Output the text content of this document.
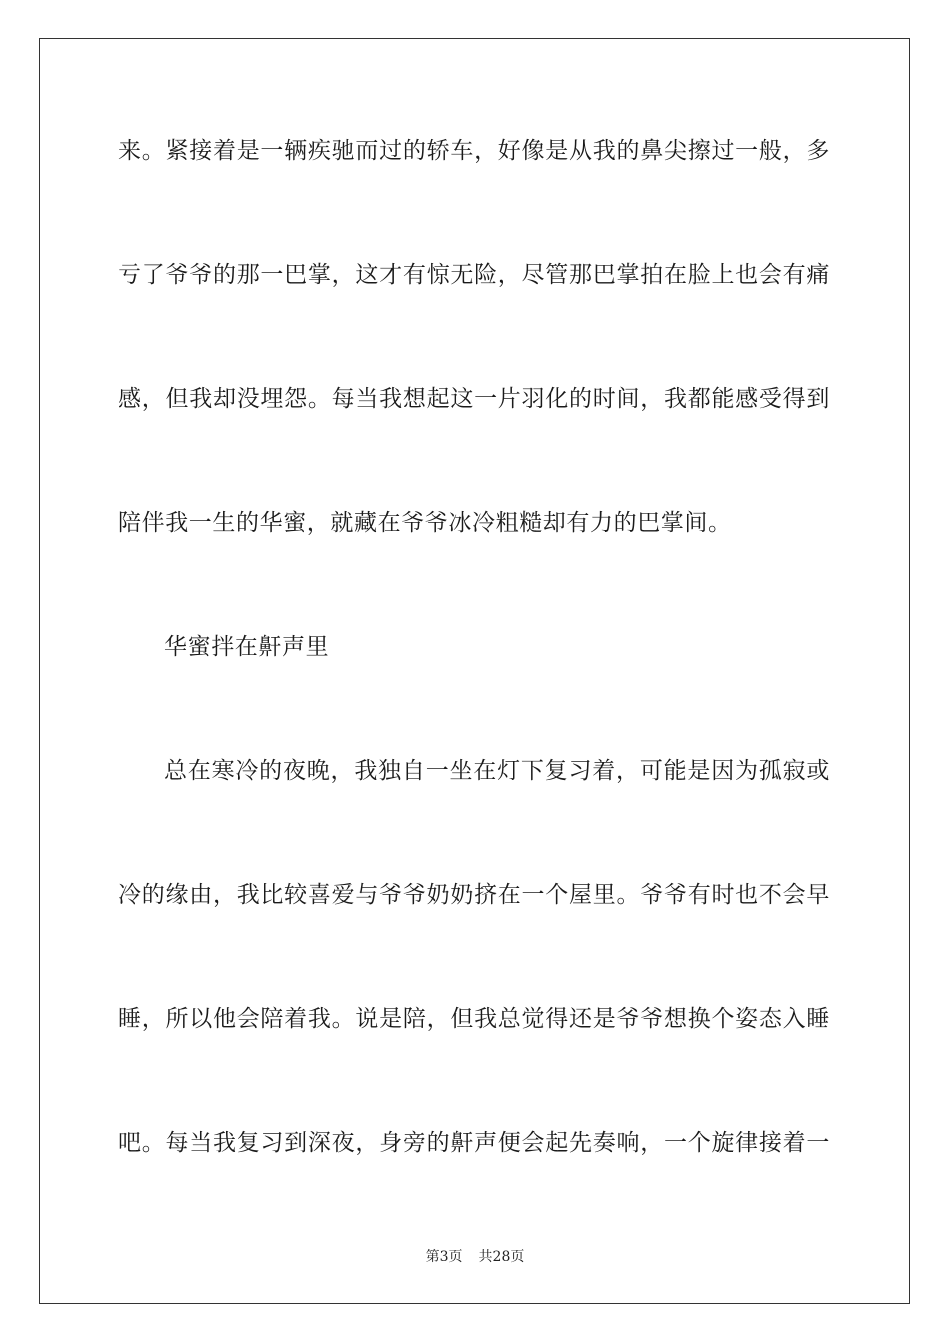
来。紧接着是一辆疾驰而过的轿车，好像是从我的鼻尖擦过一般，多
亏了爷爷的那一巴掌，这才有惊无险，尽管那巴掌拍在脸上也会有痛
感，但我却没埋怨。每当我想起这一片羽化的时间，我都能感受得到
陪伴我一生的华蜜，就藏在爷爷冰冷粗糙却有力的巴掌间。
华蜜拌在鼾声里
总在寒冷的夜晚，我独自一坐在灯下复习着，可能是因为孤寂或
冷的缘由，我比较喜爱与爷爷奶奶挤在一个屋里。爷爷有时也不会早
睡，所以他会陪着我。说是陪，但我总觉得还是爷爷想换个姿态入睡
吧。每当我复习到深夜，身旁的鼾声便会起先奏响，一个旋律接着一
第3页 共28页
